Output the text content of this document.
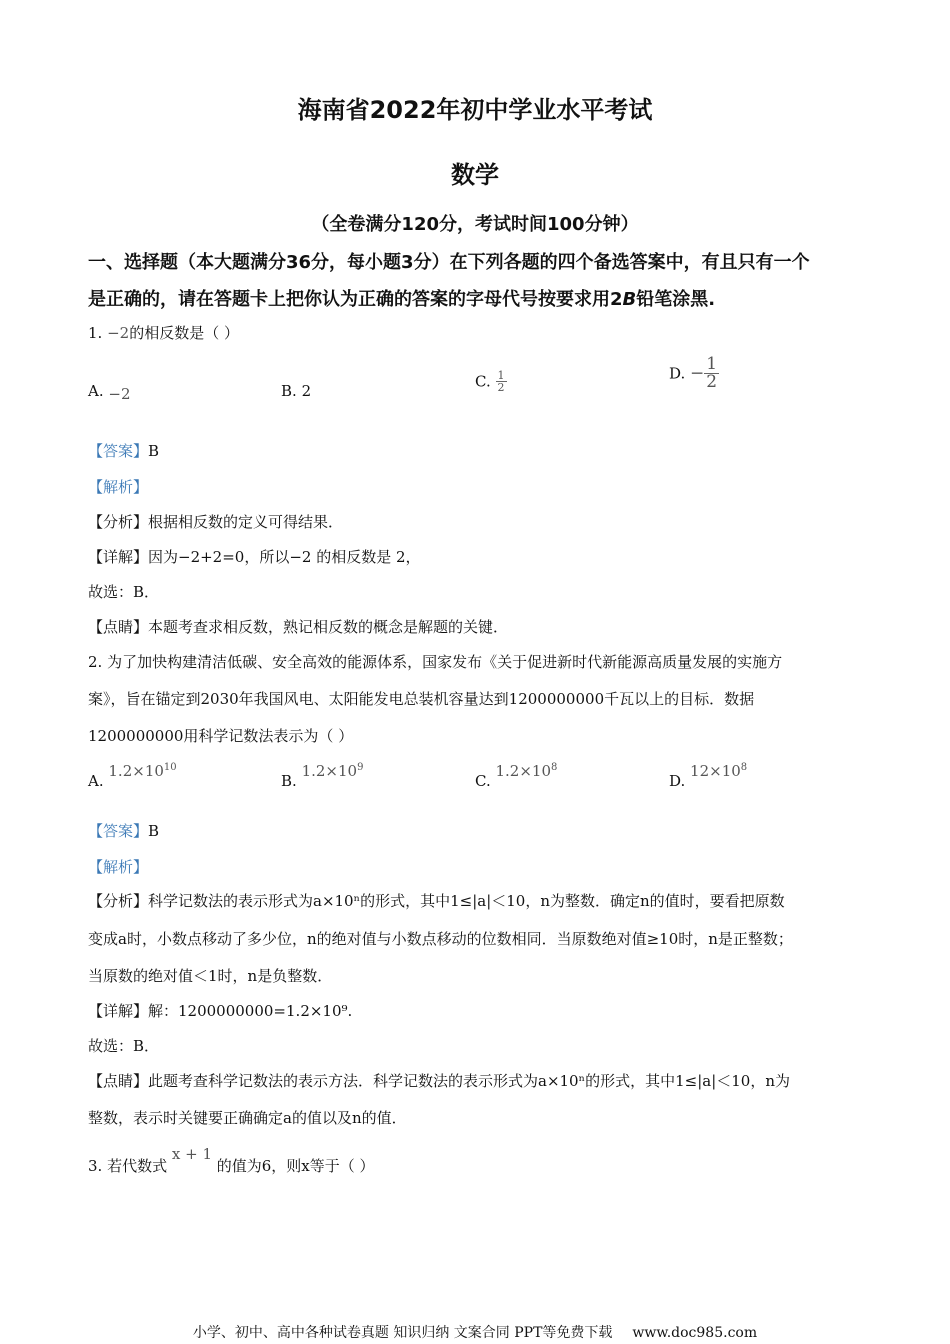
海南省2022年初中学业水平考试
数学
（全卷满分120分，考试时间100分钟）
一、选择题（本大题满分36分，每小题3分）在下列各题的四个备选答案中，有且只有一个
是正确的，请在答题卡上把你认为正确的答案的字母代号按要求用2B铅笔涂黑.
1. −2的相反数是（ ）
A. −2	B. 2
C. $\frac{1}{2}$	D. − $\frac{1}{2}$
【答案】B
【解析】
【分析】根据相反数的定义可得结果．
【详解】因为−2+2=0，所以−2 的相反数是 2，
故选：B．
【点睛】本题考查求相反数，熟记相反数的概念是解题的关键．
2. 为了加快构建清洁低碳、安全高效的能源体系，国家发布《关于促进新时代新能源高质量发展的实施方
案》，旨在锚定到2030年我国风电、太阳能发电总装机容量达到1200000000千瓦以上的目标．数据
1200000000用科学记数法表示为（ ）
A. $1.2\times 10^{10}$
B. $1.2\times 10^9$
C. $1.2\times 10^8$
D. $12\times 10^8$
【答案】B
【解析】
【分析】科学记数法的表示形式为a×10ⁿ的形式，其中1≤|a|＜10，n为整数．确定n的值时，要看把原数
变成a时，小数点移动了多少位，n的绝对值与小数点移动的位数相同．当原数绝对值≥10时，n是正整数；
当原数的绝对值＜1时，n是负整数．
【详解】解：1200000000=1.2×10⁹.
故选：B．
【点睛】此题考查科学记数法的表示方法．科学记数法的表示形式为a×10ⁿ的形式，其中1≤|a|＜10，n为
整数，表示时关键要正确确定a的值以及n的值．
3. 若代数式 x + 1 的值为6，则x等于（ ）
小学、初中、高中各种试卷真题 知识归纳 文案合同 PPT等免费下载 www.doc985.com
